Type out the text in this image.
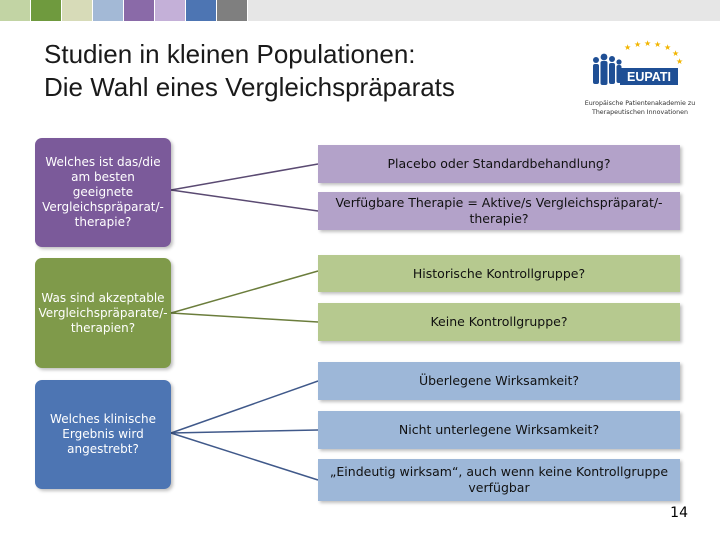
Studien in kleinen Populationen:
Die Wahl eines Vergleichspräparats
★ ★ ★ ★ ★
★
★
EUPATI
Europäische Patientenakademie zu Therapeutischen Innovationen
Welches ist das/die am besten geeignete Vergleichspräparat/-therapie?
Was sind akzeptable Vergleichspräparate/-therapien?
Welches klinische Ergebnis wird angestrebt?
Placebo oder Standardbehandlung?
Verfügbare Therapie = Aktive/s Vergleichspräparat/-therapie?
Historische Kontrollgruppe?
Keine Kontrollgruppe?
Überlegene Wirksamkeit?
Nicht unterlegene Wirksamkeit?
„Eindeutig wirksam“, auch wenn keine Kontrollgruppe verfügbar
14
